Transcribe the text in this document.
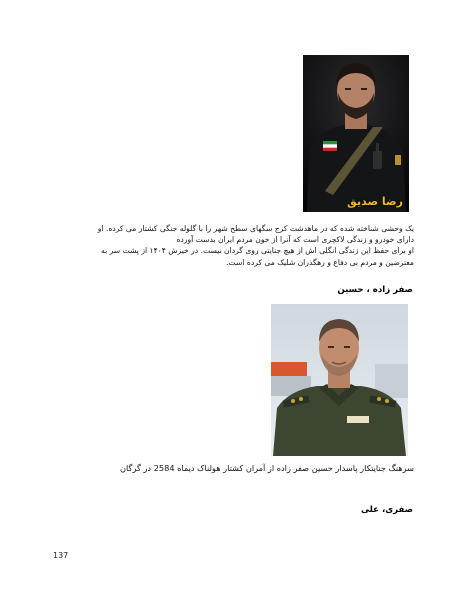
رضا صدیق
یک وحشی شناخته شده که در ماهدشت کرج سگهای سطح شهر را با گلوله جنگی کشتار می کرده. او
دارای خودرو و زندگی لاکچری است که آنرا از خون مردم ایران بدست آورده
او برای حفظ این زندگی انگلی اش از هیچ جنایتی روی گردان نیست. در خیزش ۱۴۰۴ از پشت سر به
معترضین و مردم بی دفاع و رهگذران شلیک می کرده است.
صفر زاده ، حسین
سرهنگ جنایتکار پاسدار حسین صفر زاده از آمران کشتار هولناک دیماه 2584 در گرگان
صفری، علی
137
